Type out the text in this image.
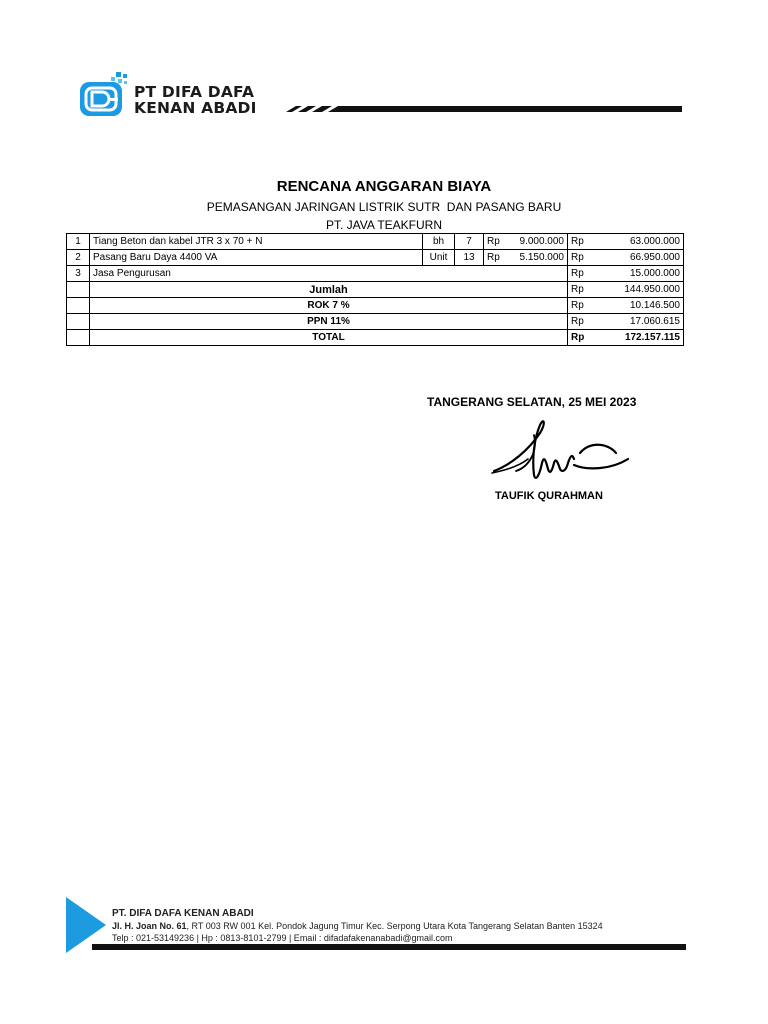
PT DIFA DAFA
KENAN ABADI
RENCANA ANGGARAN BIAYA
PEMASANGAN JARINGAN LISTRIK SUTR  DAN PASANG BARU
PT. JAVA TEAKFURN
1	Tiang Beton dan kabel JTR 3 x 70 + N	bh	7	Rp	9.000.000	Rp	63.000.000
2	Pasang Baru Daya 4400 VA	Unit	13	Rp	5.150.000	Rp	66.950.000
3	Jasa Pengurusan					Rp	15.000.000
	Jumlah					Rp	144.950.000
	ROK 7 %					Rp	10.146.500
	PPN 11%					Rp	17.060.615
	TOTAL					Rp	172.157.115
TANGERANG SELATAN, 25 MEI 2023
TAUFIK QURAHMAN
PT. DIFA DAFA KENAN ABADI
Jl. H. Joan No. 61, RT 003 RW 001 Kel. Pondok Jagung Timur Kec. Serpong Utara Kota Tangerang Selatan Banten 15324
Telp : 021-53149236 | Hp : 0813-8101-2799 | Email : difadafakenanabadi@gmail.com
